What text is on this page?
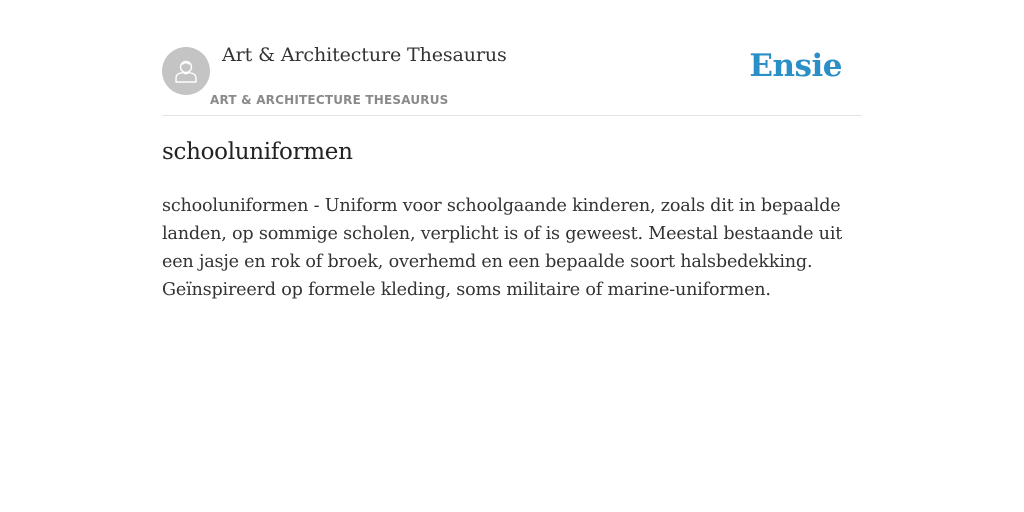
Art & Architecture Thesaurus
ART & ARCHITECTURE THESAURUS
Ensie
schooluniformen

schooluniformen - Uniform voor schoolgaande kinderen, zoals dit in bepaalde landen, op sommige scholen, verplicht is of is geweest. Meestal bestaande uit een jasje en rok of broek, overhemd en een bepaalde soort halsbedekking. Geïnspireerd op formele kleding, soms militaire of marine-uniformen.
